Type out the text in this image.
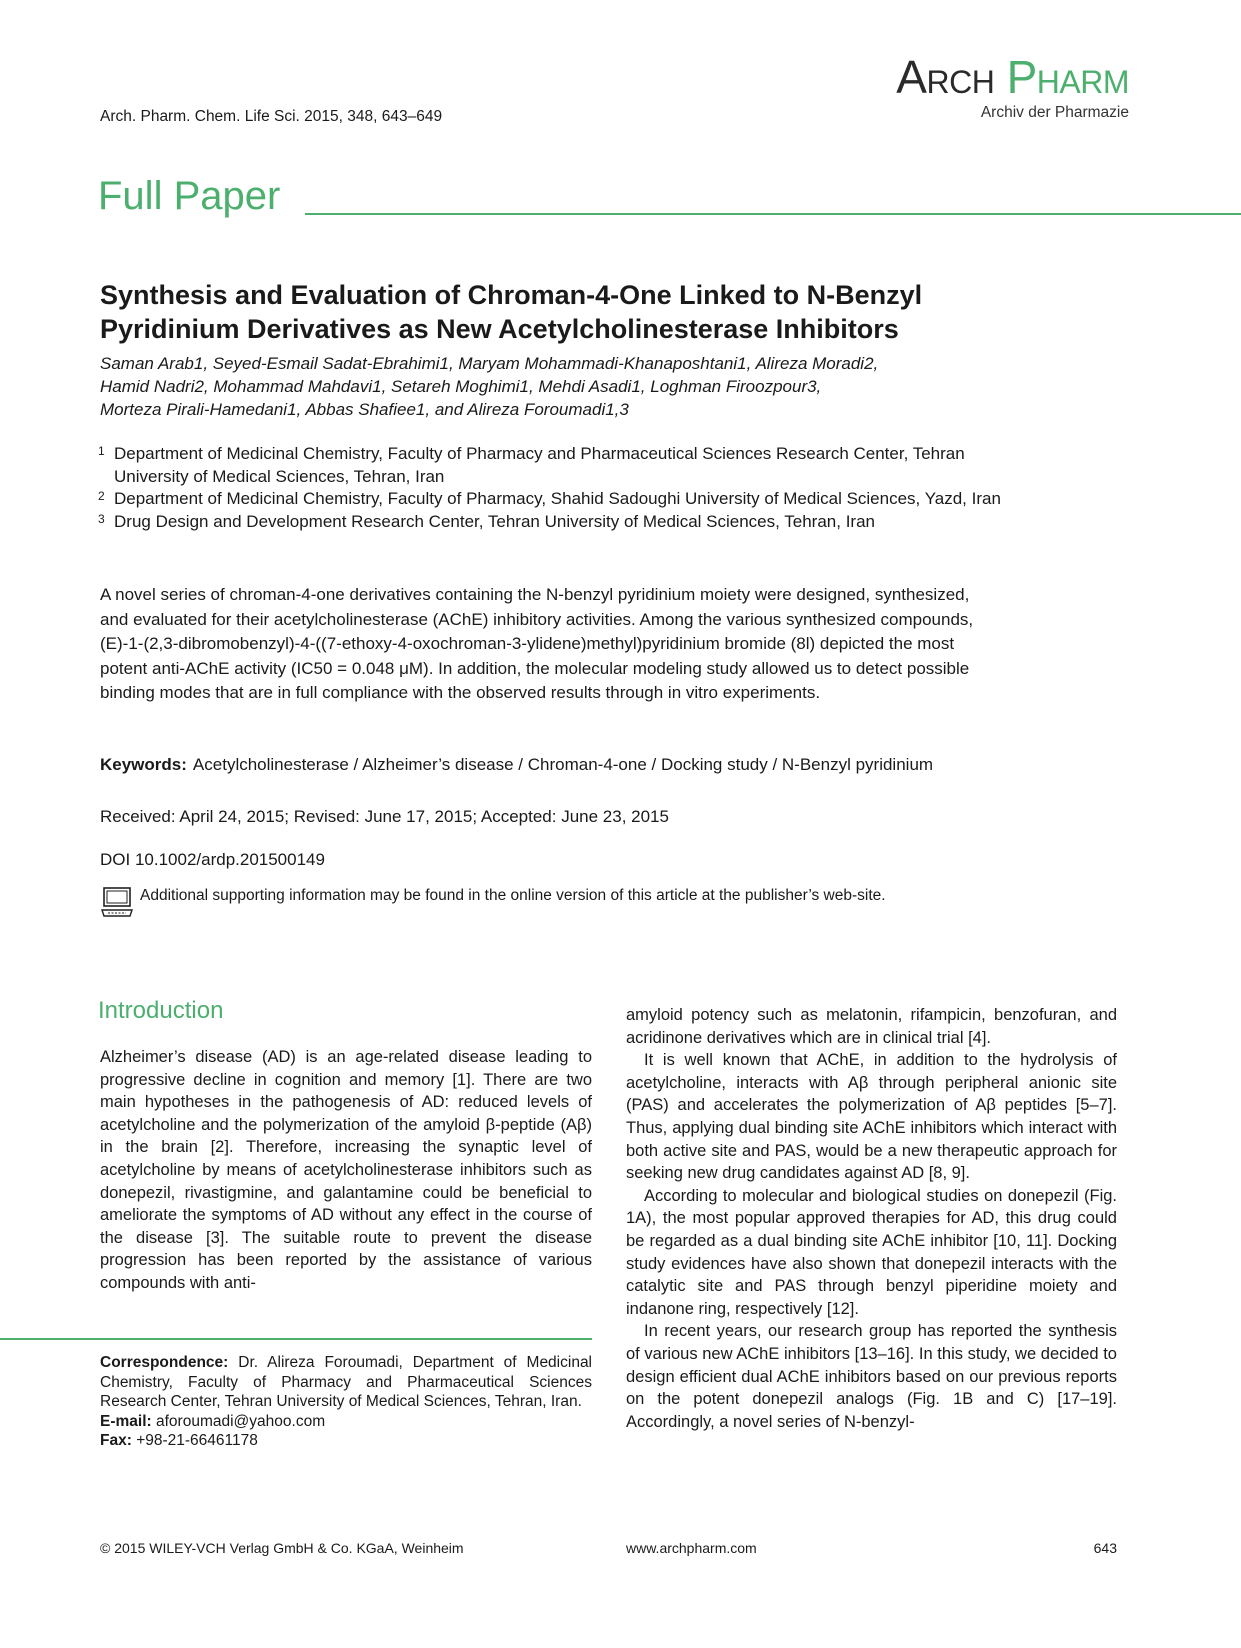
Arch. Pharm. Chem. Life Sci. 2015, 348, 643–649
Arch Pharm
Archiv der Pharmazie
Full Paper
Synthesis and Evaluation of Chroman-4-One Linked to N-Benzyl
Pyridinium Derivatives as New Acetylcholinesterase Inhibitors
Saman Arab1, Seyed-Esmail Sadat-Ebrahimi1, Maryam Mohammadi-Khanaposhtani1, Alireza Moradi2,
Hamid Nadri2, Mohammad Mahdavi1, Setareh Moghimi1, Mehdi Asadi1, Loghman Firoozpour3,
Morteza Pirali-Hamedani1, Abbas Shafiee1, and Alireza Foroumadi1,3
1 Department of Medicinal Chemistry, Faculty of Pharmacy and Pharmaceutical Sciences Research Center, Tehran University of Medical Sciences, Tehran, Iran
2 Department of Medicinal Chemistry, Faculty of Pharmacy, Shahid Sadoughi University of Medical Sciences, Yazd, Iran
3 Drug Design and Development Research Center, Tehran University of Medical Sciences, Tehran, Iran
A novel series of chroman-4-one derivatives containing the N-benzyl pyridinium moiety were designed, synthesized, and evaluated for their acetylcholinesterase (AChE) inhibitory activities. Among the various synthesized compounds, (E)-1-(2,3-dibromobenzyl)-4-((7-ethoxy-4-oxochroman-3-ylidene)methyl)pyridinium bromide (8l) depicted the most potent anti-AChE activity (IC50 = 0.048 μM). In addition, the molecular modeling study allowed us to detect possible binding modes that are in full compliance with the observed results through in vitro experiments.
Keywords: Acetylcholinesterase / Alzheimer’s disease / Chroman-4-one / Docking study / N-Benzyl pyridinium
Received: April 24, 2015; Revised: June 17, 2015; Accepted: June 23, 2015
DOI 10.1002/ardp.201500149
Additional supporting information may be found in the online version of this article at the publisher’s web-site.
Introduction

Alzheimer’s disease (AD) is an age-related disease leading to progressive decline in cognition and memory [1]. There are two main hypotheses in the pathogenesis of AD: reduced levels of acetylcholine and the polymerization of the amyloid β-peptide (Aβ) in the brain [2]. Therefore, increasing the synaptic level of acetylcholine by means of acetylcholinesterase inhibitors such as donepezil, rivastigmine, and galantamine could be beneficial to ameliorate the symptoms of AD without any effect in the course of the disease [3]. The suitable route to prevent the disease progression has been reported by the assistance of various compounds with anti-

amyloid potency such as melatonin, rifampicin, benzofuran, and acridinone derivatives which are in clinical trial [4].

It is well known that AChE, in addition to the hydrolysis of acetylcholine, interacts with Aβ through peripheral anionic site (PAS) and accelerates the polymerization of Aβ peptides [5–7]. Thus, applying dual binding site AChE inhibitors which interact with both active site and PAS, would be a new therapeutic approach for seeking new drug candidates against AD [8, 9].

According to molecular and biological studies on donepezil (Fig. 1A), the most popular approved therapies for AD, this drug could be regarded as a dual binding site AChE inhibitor [10, 11]. Docking study evidences have also shown that donepezil interacts with the catalytic site and PAS through benzyl piperidine moiety and indanone ring, respectively [12].

In recent years, our research group has reported the synthesis of various new AChE inhibitors [13–16]. In this study, we decided to design efficient dual AChE inhibitors based on our previous reports on the potent donepezil analogs (Fig. 1B and C) [17–19]. Accordingly, a novel series of N-benzyl-

Correspondence: Dr. Alireza Foroumadi, Department of Medicinal Chemistry, Faculty of Pharmacy and Pharmaceutical Sciences Research Center, Tehran University of Medical Sciences, Tehran, Iran.
E-mail: aforoumadi@yahoo.com
Fax: +98-21-66461178
© 2015 WILEY-VCH Verlag GmbH & Co. KGaA, Weinheim	www.archpharm.com	643
